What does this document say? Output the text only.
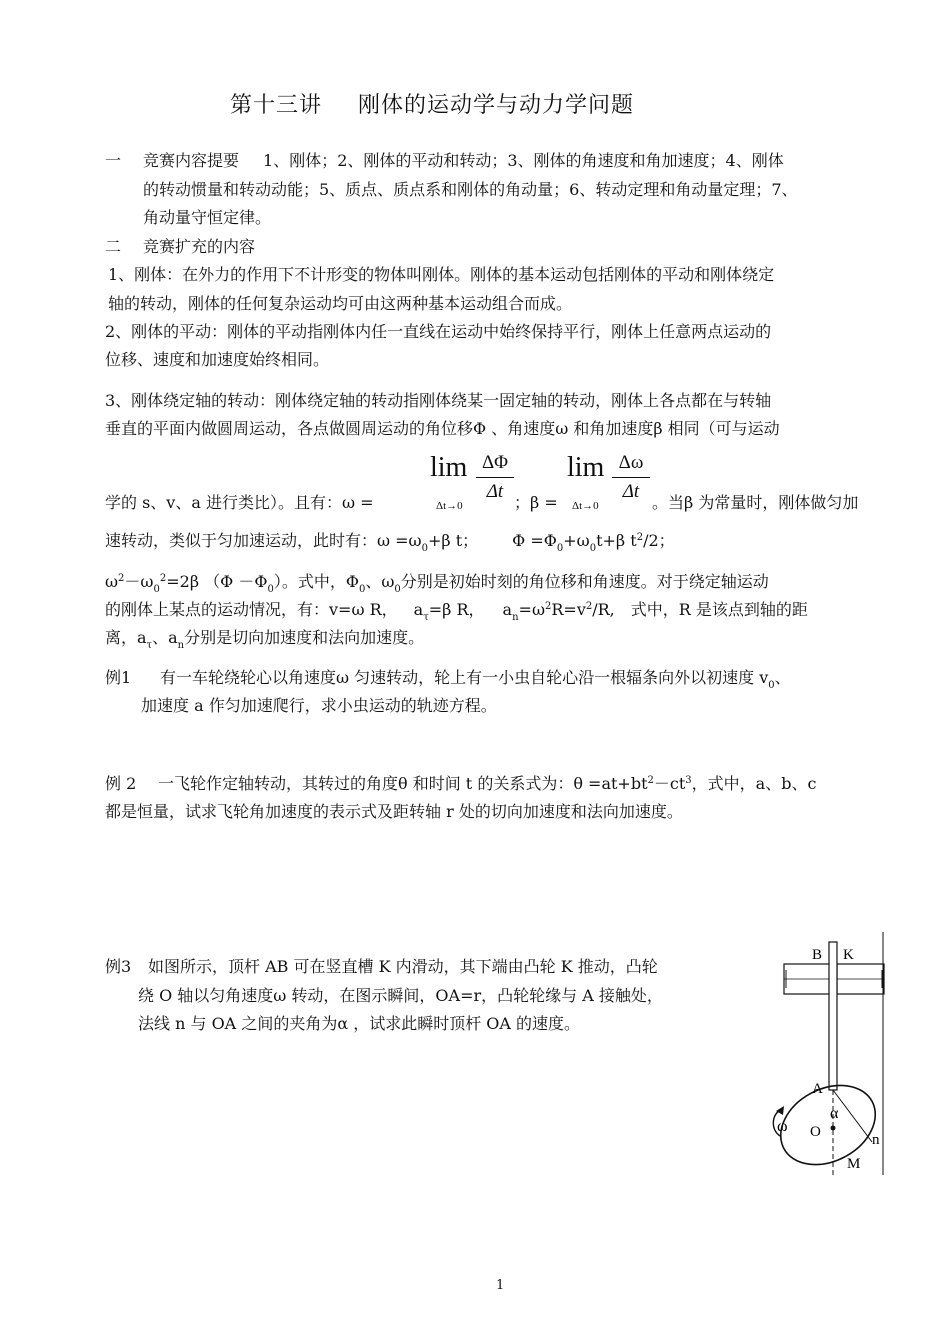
第十三讲 刚体的运动学与动力学问题
一 竞赛内容提要 1、刚体；2、刚体的平动和转动；3、刚体的角速度和角加速度；4、刚体
的转动惯量和转动动能；5、质点、质点系和刚体的角动量；6、转动定理和角动量定理；7、
角动量守恒定律。
二 竞赛扩充的内容
1、刚体：在外力的作用下不计形变的物体叫刚体。刚体的基本运动包括刚体的平动和刚体绕定
轴的转动，刚体的任何复杂运动均可由这两种基本运动组合而成。
2、刚体的平动：刚体的平动指刚体内任一直线在运动中始终保持平行，刚体上任意两点运动的
位移、速度和加速度始终相同。
3、刚体绕定轴的转动：刚体绕定轴的转动指刚体绕某一固定轴的转动，刚体上各点都在与转轴
垂直的平面内做圆周运动，各点做圆周运动的角位移Φ 、角速度ω 和角加速度β 相同（可与运动
lim ΔΦ
Δt
Δt→0
lim Δω
Δt
Δt→0
学的 s、v、a 进行类比）。且有：ω =	；β =	。当β 为常量时，刚体做匀加
速转动，类似于匀加速运动，此时有：$\omega =\omega_0+\beta$ t； $\Phi =\Phi_0+\omega_0t+\beta$ $t^2/2$；
$\omega^2-\omega_0^2=2\beta$ $(\Phi -\Phi_0)$。式中，$\Phi_0$、$\omega_0$分别是初始时刻的角位移和角速度。对于绕定轴运动
的刚体上某点的运动情况，有：v=ω R， $a_\tau=\beta$ R， $a_n=\omega^2R=v^2/R$, 式中，R 是该点到轴的距
离，$a_\tau$、$a_n$分别是切向加速度和法向加速度。
例1 有一车轮绕轮心以角速度ω 匀速转动，轮上有一小虫自轮心沿一根辐条向外以初速度 $v_0$、
加速度 a 作匀加速爬行，求小虫运动的轨迹方程。
例 2 一飞轮作定轴转动，其转过的角度θ 和时间 t 的关系式为：$\theta =at+bt^2-ct^3$，式中，a、b、c
都是恒量，试求飞轮角加速度的表示式及距转轴 r 处的切向加速度和法向加速度。
例3 如图所示，顶杆 AB 可在竖直槽 K 内滑动，其下端由凸轮 K 推动，凸轮
绕 O 轴以匀角速度ω 转动，在图示瞬间，OA=r，凸轮轮缘与 A 接触处，
法线 n 与 OA 之间的夹角为α ，试求此瞬时顶杆 OA 的速度。
B K
A
α
ω O	n
M
1
